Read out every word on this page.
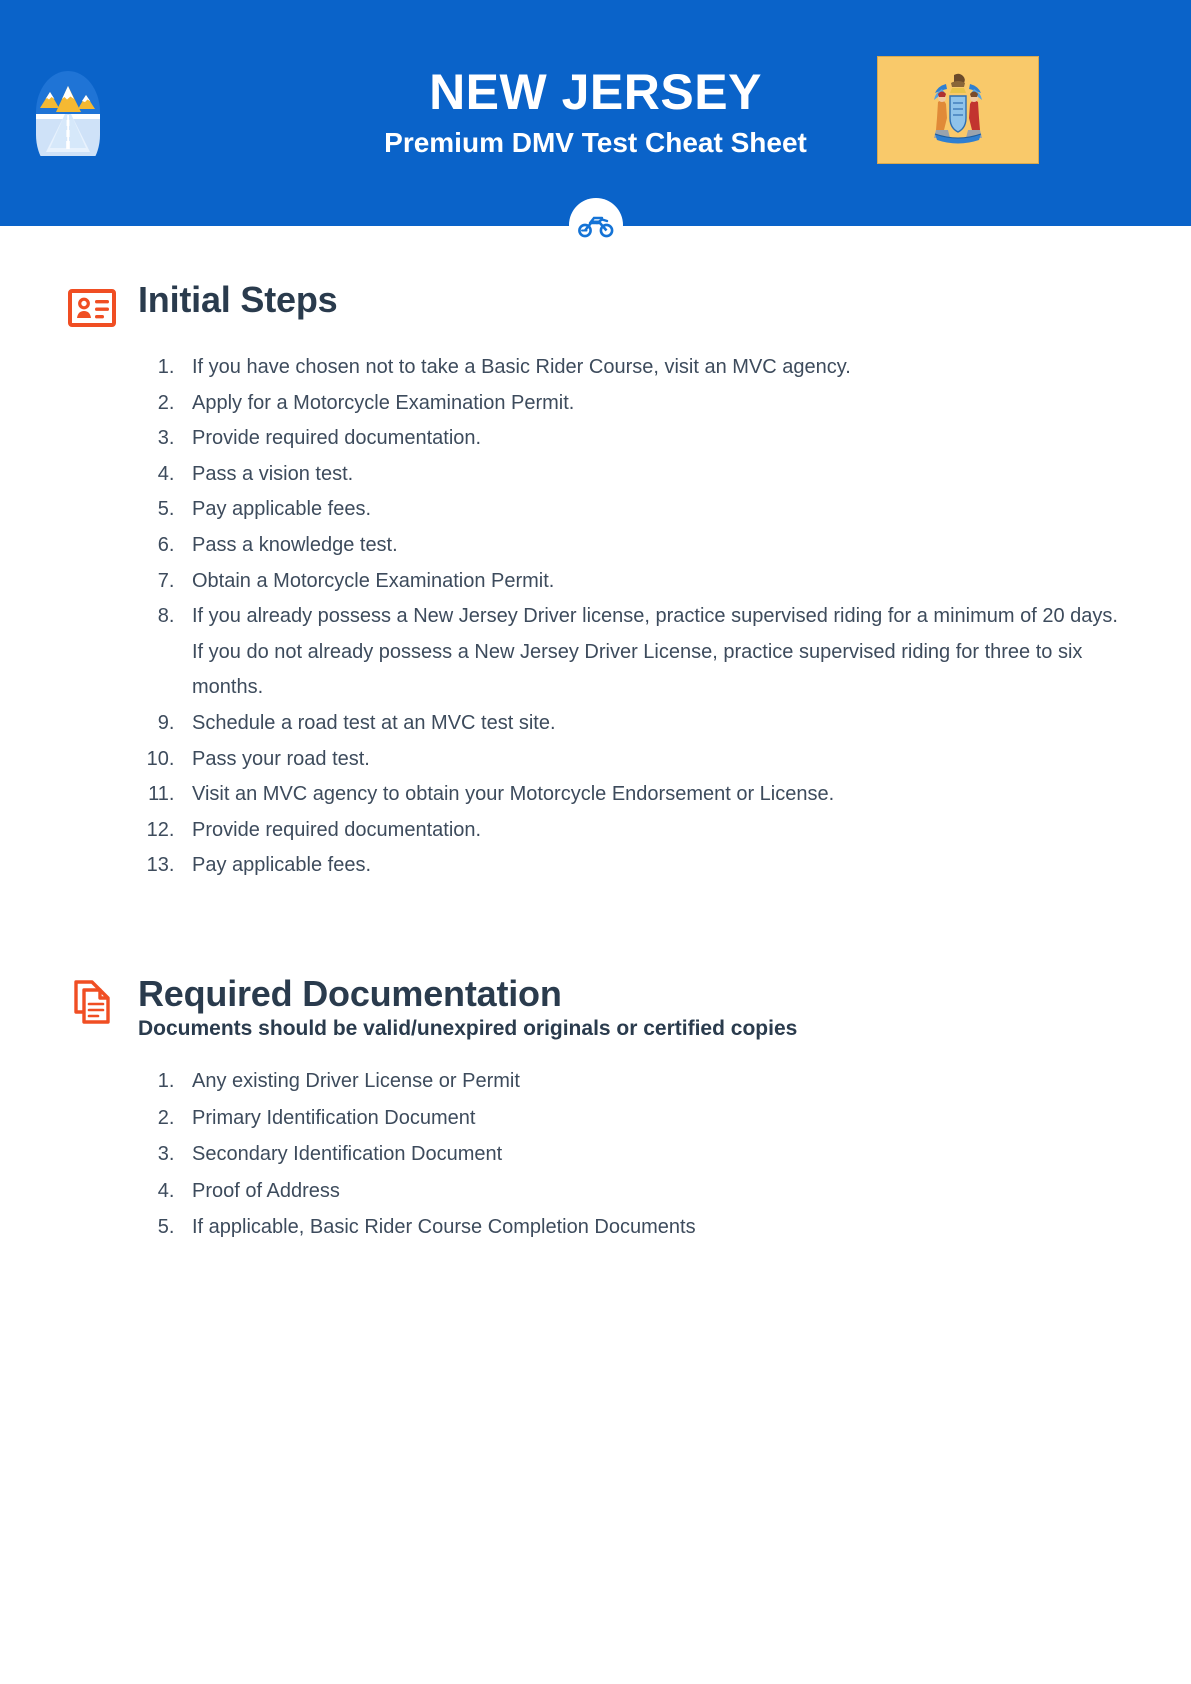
NEW JERSEY
Premium DMV Test Cheat Sheet
Initial Steps
1. If you have chosen not to take a Basic Rider Course, visit an MVC agency.
2. Apply for a Motorcycle Examination Permit.
3. Provide required documentation.
4. Pass a vision test.
5. Pay applicable fees.
6. Pass a knowledge test.
7. Obtain a Motorcycle Examination Permit.
8. If you already possess a New Jersey Driver license, practice supervised riding for a minimum of 20 days. If you do not already possess a New Jersey Driver License, practice supervised riding for three to six months.
9. Schedule a road test at an MVC test site.
10. Pass your road test.
11. Visit an MVC agency to obtain your Motorcycle Endorsement or License.
12. Provide required documentation.
13. Pay applicable fees.
Required Documentation
Documents should be valid/unexpired originals or certified copies
1. Any existing Driver License or Permit
2. Primary Identification Document
3. Secondary Identification Document
4. Proof of Address
5. If applicable, Basic Rider Course Completion Documents
